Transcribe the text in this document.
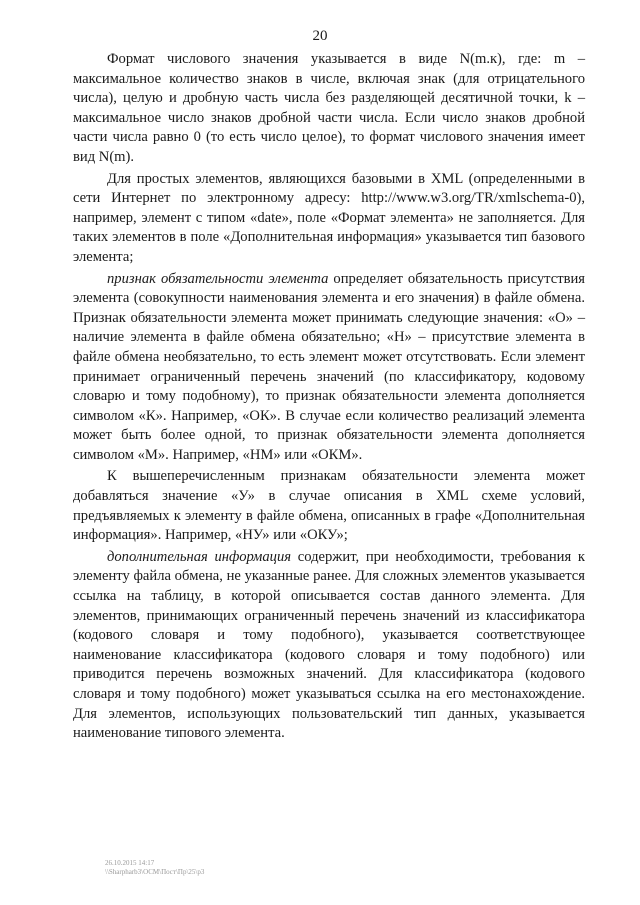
20

Формат числового значения указывается в виде N(m.к), где: m – максимальное количество знаков в числе, включая знак (для отрицательного числа), целую и дробную часть числа без разделяющей десятичной точки, k – максимальное число знаков дробной части числа. Если число знаков дробной части числа равно 0 (то есть число целое), то формат числового значения имеет вид N(m).

Для простых элементов, являющихся базовыми в XML (определенными в сети Интернет по электронному адресу: http://www.w3.org/TR/xmlschema-0), например, элемент с типом «date», поле «Формат элемента» не заполняется. Для таких элементов в поле «Дополнительная информация» указывается тип базового элемента;

признак обязательности элемента определяет обязательность присутствия элемента (совокупности наименования элемента и его значения) в файле обмена. Признак обязательности элемента может принимать следующие значения: «О» – наличие элемента в файле обмена обязательно; «Н» – присутствие элемента в файле обмена необязательно, то есть элемент может отсутствовать. Если элемент принимает ограниченный перечень значений (по классификатору, кодовому словарю и тому подобному), то признак обязательности элемента дополняется символом «К». Например, «ОК». В случае если количество реализаций элемента может быть более одной, то признак обязательности элемента дополняется символом «М». Например, «НМ» или «ОКМ».

К вышеперечисленным признакам обязательности элемента может добавляться значение «У» в случае описания в XML схеме условий, предъявляемых к элементу в файле обмена, описанных в графе «Дополнительная информация». Например, «НУ» или «ОКУ»;

дополнительная информация содержит, при необходимости, требования к элементу файла обмена, не указанные ранее. Для сложных элементов указывается ссылка на таблицу, в которой описывается состав данного элемента. Для элементов, принимающих ограниченный перечень значений из классификатора (кодового словаря и тому подобного), указывается соответствующее наименование классификатора (кодового словаря и тому подобного) или приводится перечень возможных значений. Для классификатора (кодового словаря и тому подобного) может указываться ссылка на его местонахождение. Для элементов, использующих пользовательский тип данных, указывается наименование типового элемента.

26.10.2015 14:17
\\Sharpharb3\ОСМ\Пост\Пр\25\р3
